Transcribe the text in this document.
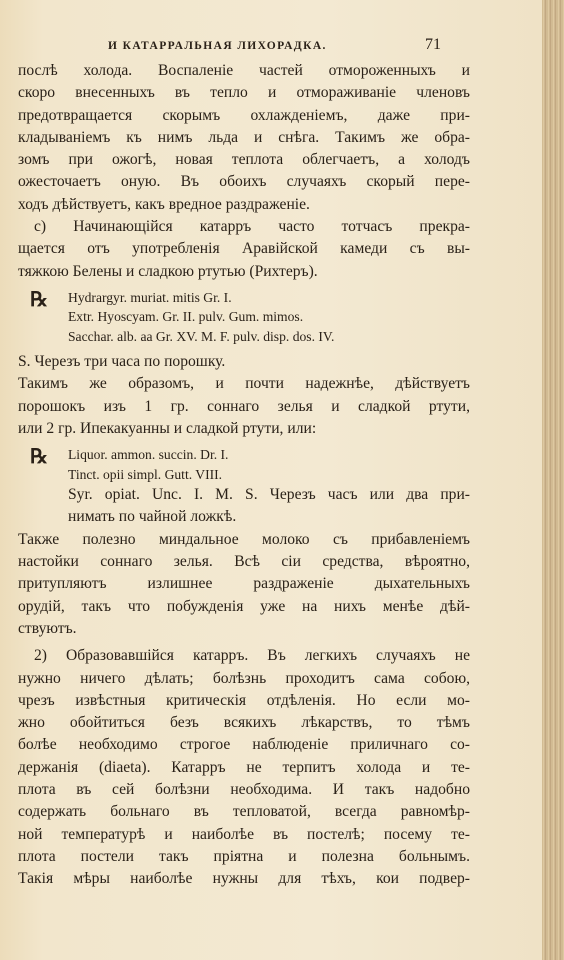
И КАТАРРАЛЬНАЯ ЛИХОРАДКА.	71
послѣ холода. Воспаленіе частей отмороженныхъ и
скоро внесенныхъ въ тепло и отмораживаніе членовъ
предотвращается скорымъ охлажденіемъ, даже при-
кладываніемъ къ нимъ льда и снѣга. Такимъ же обра-
зомъ при ожогѣ, новая теплота облегчаетъ, а холодъ
ожесточаетъ оную. Въ обоихъ случаяхъ скорый пере-
ходъ дѣйствуетъ, какъ вредное раздраженіе.
c) Начинающійся катарръ часто тотчасъ прекра-
щается отъ употребленія Аравійской камеди съ вы-
тяжкою Белены и сладкою ртутью (Рихтеръ).
℞ Hydrargyr. muriat. mitis Gr. I.
Extr. Hyoscyam. Gr. II. pulv. Gum. mimos.
Sacchar. alb. aa Gr. XV. M. F. pulv. disp. dos. IV.
S. Черезъ три часа по порошку.
Такимъ же образомъ, и почти надежнѣе, дѣйствуетъ
порошокъ изъ 1 гр. соннаго зелья и сладкой ртути,
или 2 гр. Ипекакуанны и сладкой ртути, или:
℞ Liquor. ammon. succin. Dr. I.
Tinct. opii simpl. Gutt. VIII.
Syr. opiat. Unc. I. M. S. Черезъ часъ или два при-
нимать по чайной ложкѣ.
Также полезно миндальное молоко съ прибавленіемъ
настойки соннаго зелья. Всѣ сіи средства, вѣроятно,
притупляютъ излишнее раздраженіе дыхательныхъ
орудій, такъ что побужденія уже на нихъ менѣе дѣй-
ствуютъ.
2) Образовавшійся катарръ. Въ легкихъ случаяхъ не
нужно ничего дѣлать; болѣзнь проходитъ сама собою,
чрезъ извѣстныя критическія отдѣленія. Но если мо-
жно обойтиться безъ всякихъ лѣкарствъ, то тѣмъ
болѣе необходимо строгое наблюденіе приличнаго со-
держанія (diaeta). Катарръ не терпитъ холода и те-
плота въ сей болѣзни необходима. И такъ надобно
содержать больнаго въ тепловатой, всегда равномѣр-
ной температурѣ и наиболѣе въ постелѣ; посему те-
плота постели такъ пріятна и полезна больнымъ.
Такія мѣры наиболѣе нужны для тѣхъ, кои подвер-
